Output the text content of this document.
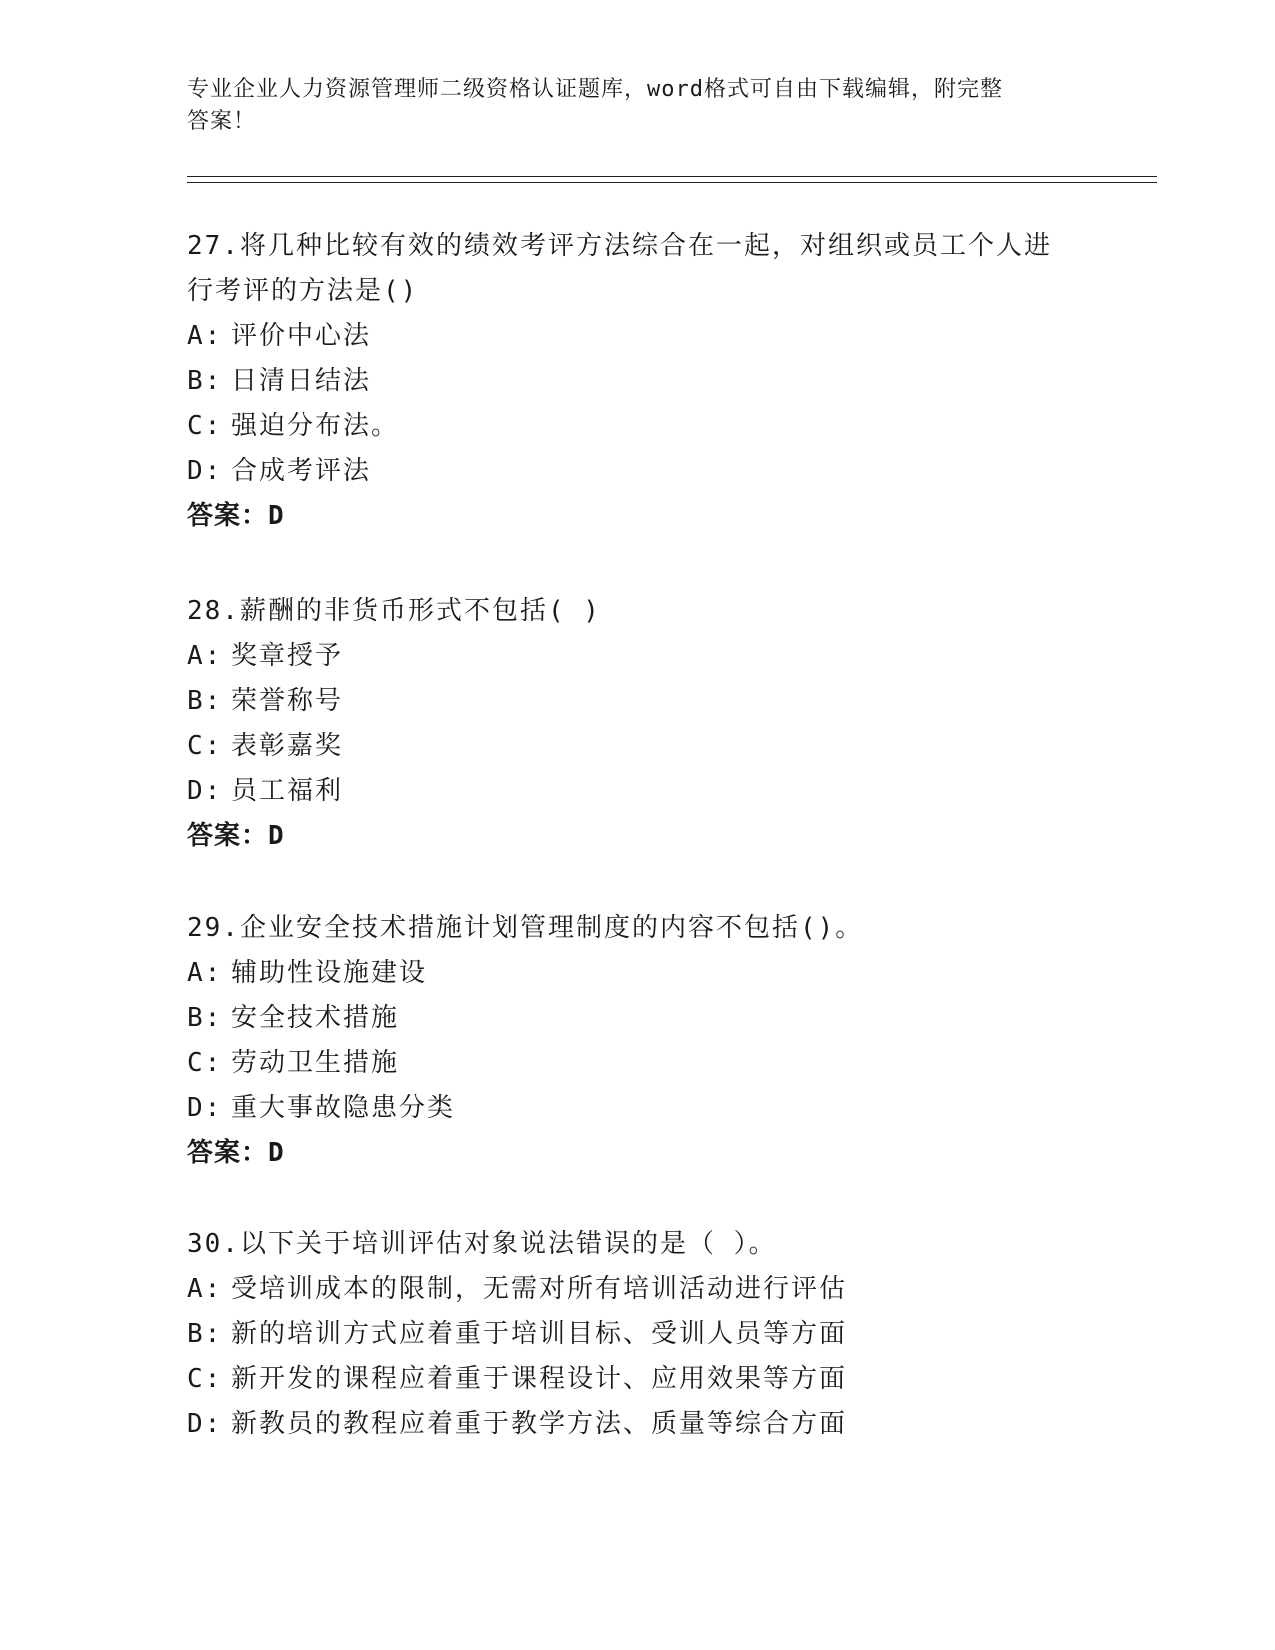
专业企业人力资源管理师二级资格认证题库，word格式可自由下载编辑，附完整
答案！
27.将几种比较有效的绩效考评方法综合在一起，对组织或员工个人进
行考评的方法是()
A: 评价中心法
B: 日清日结法
C: 强迫分布法。
D: 合成考评法
答案：D
28.薪酬的非货币形式不包括( )
A: 奖章授予
B: 荣誉称号
C: 表彰嘉奖
D: 员工福利
答案：D
29.企业安全技术措施计划管理制度的内容不包括()。
A: 辅助性设施建设
B: 安全技术措施
C: 劳动卫生措施
D: 重大事故隐患分类
答案：D
30.以下关于培训评估对象说法错误的是（ ）。
A: 受培训成本的限制，无需对所有培训活动进行评估
B: 新的培训方式应着重于培训目标、受训人员等方面
C: 新开发的课程应着重于课程设计、应用效果等方面
D: 新教员的教程应着重于教学方法、质量等综合方面
